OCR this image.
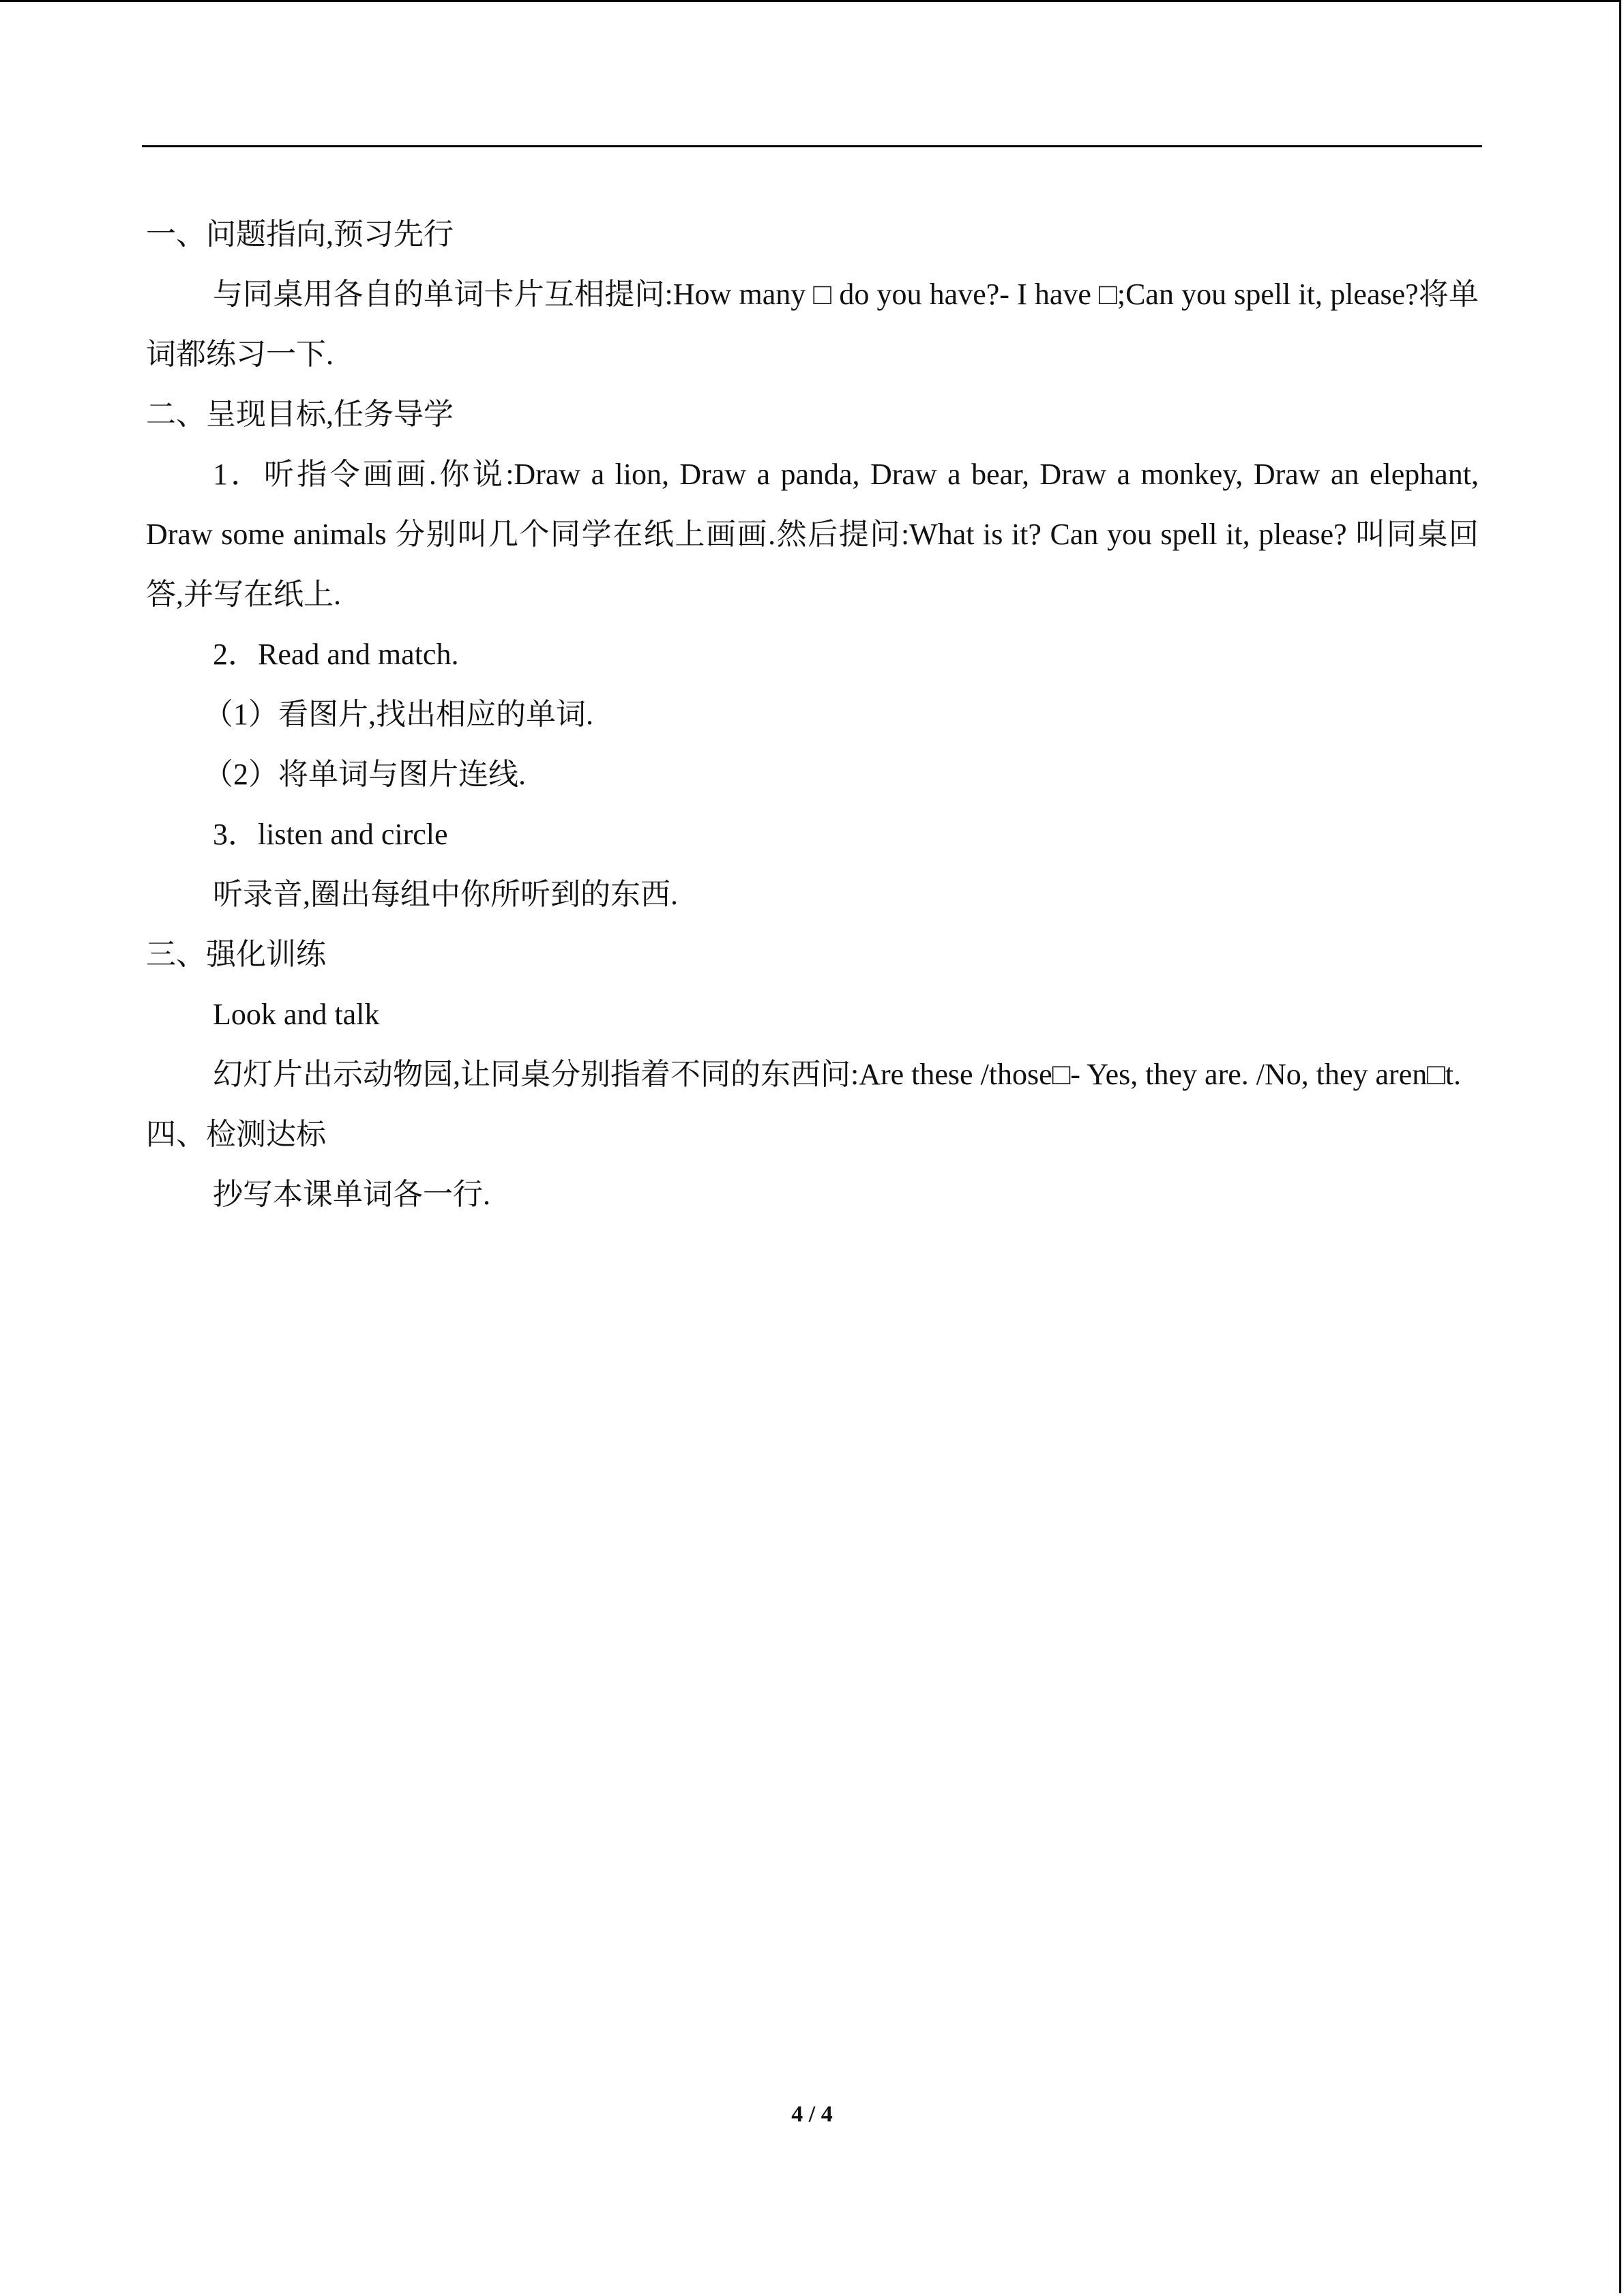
一、问题指向,预习先行

与同桌用各自的单词卡片互相提问:How many □ do you have?- I have □;Can you spell it, please?将单词都练习一下.

二、呈现目标,任务导学

1．听指令画画.你说:Draw a lion, Draw a panda, Draw a bear, Draw a monkey, Draw an elephant, Draw some animals 分别叫几个同学在纸上画画.然后提问:What is it? Can you spell it, please? 叫同桌回答,并写在纸上.

2．Read and match.
（1）看图片,找出相应的单词.
（2）将单词与图片连线.
3．listen and circle
听录音,圈出每组中你所听到的东西.
三、强化训练
Look and talk

幻灯片出示动物园,让同桌分别指着不同的东西问:Are these /those□- Yes, they are. /No, they aren□t.

四、检测达标
抄写本课单词各一行.
4 / 4
